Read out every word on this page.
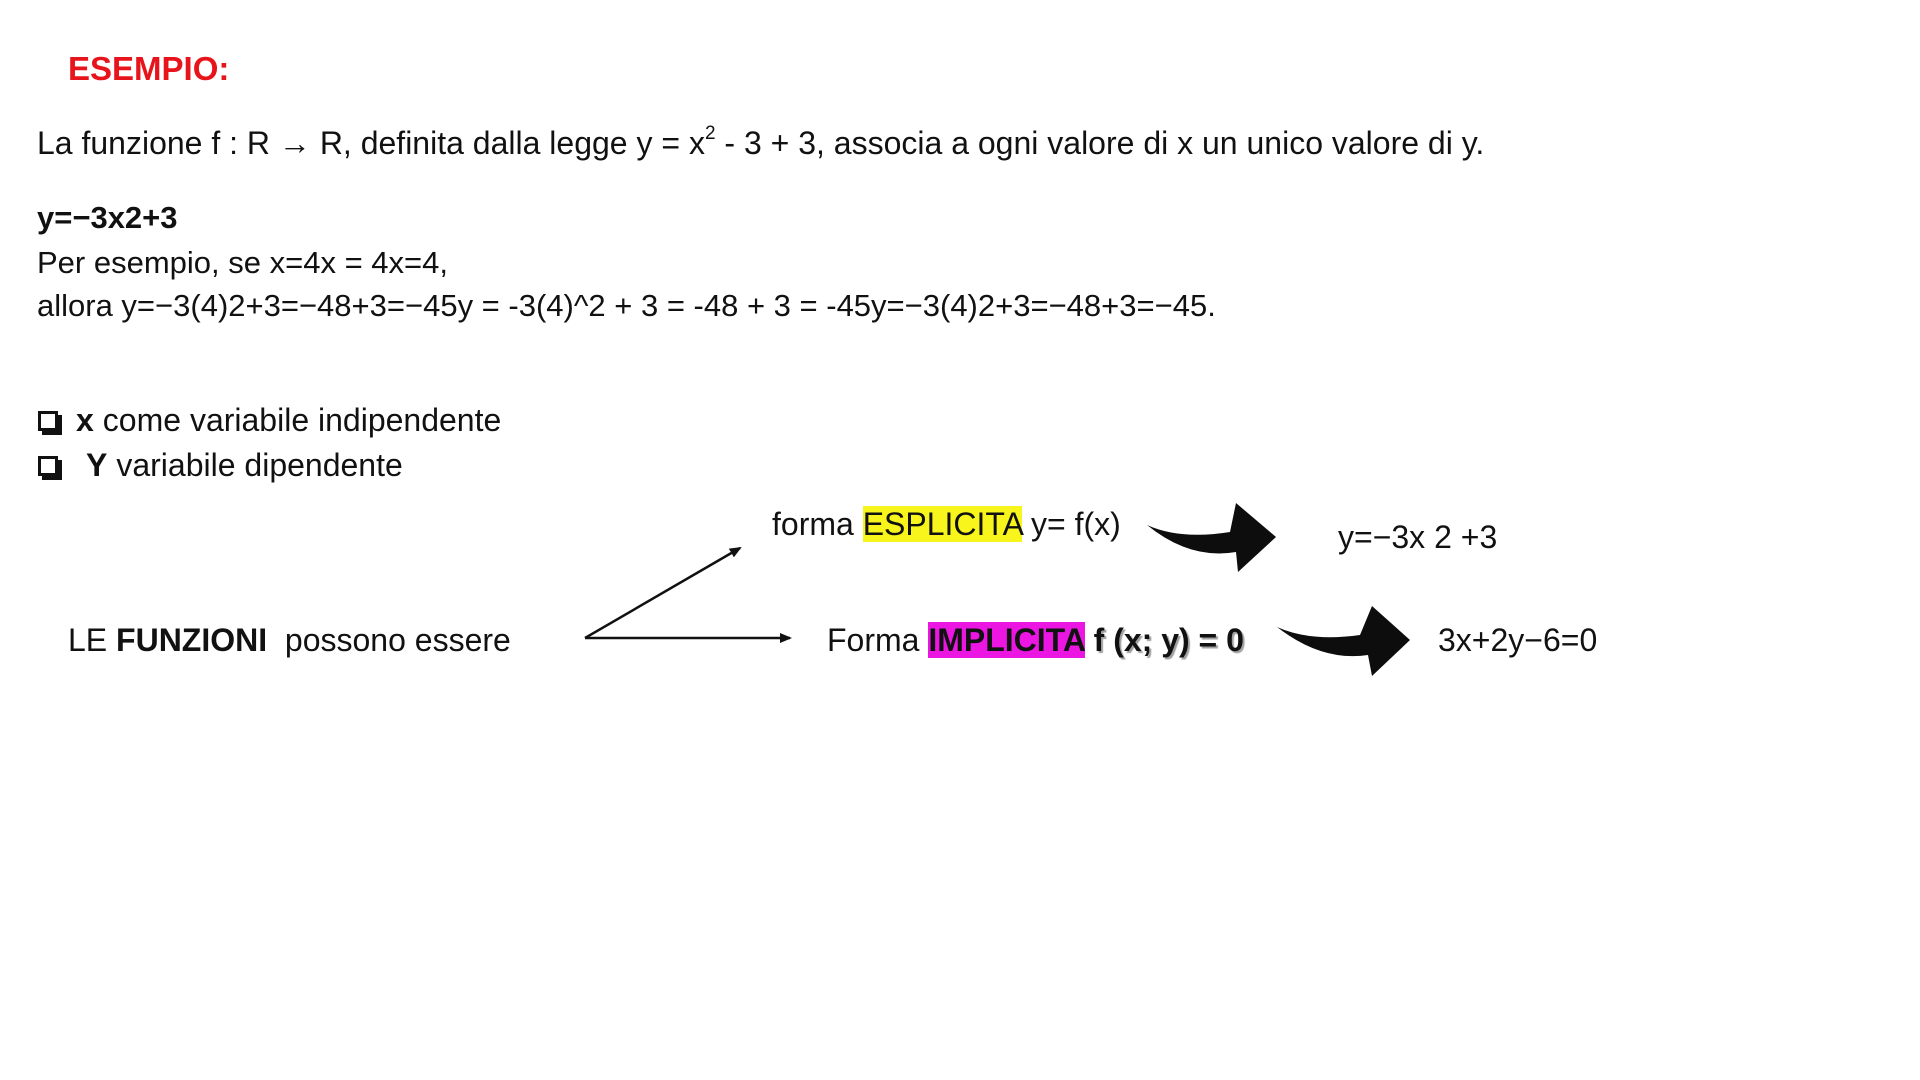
ESEMPIO:
La funzione f : R → R, definita dalla legge $y = x^2 - 3 + 3$, associa a ogni valore di x un unico valore di y.
y=−3x2+3
Per esempio, se x=4x = 4x=4,
allora y=−3(4)2+3=−48+3=−45y = -3(4)^2 + 3 = -48 + 3 = -45y=−3(4)2+3=−48+3=−45.
x come variabile indipendente
Y variabile dipendente
LE FUNZIONI  possono essere
forma ESPLICITA y= f(x)
Forma IMPLICITA f (x; y) = 0
y=−3x 2 +3
3x+2y−6=0
